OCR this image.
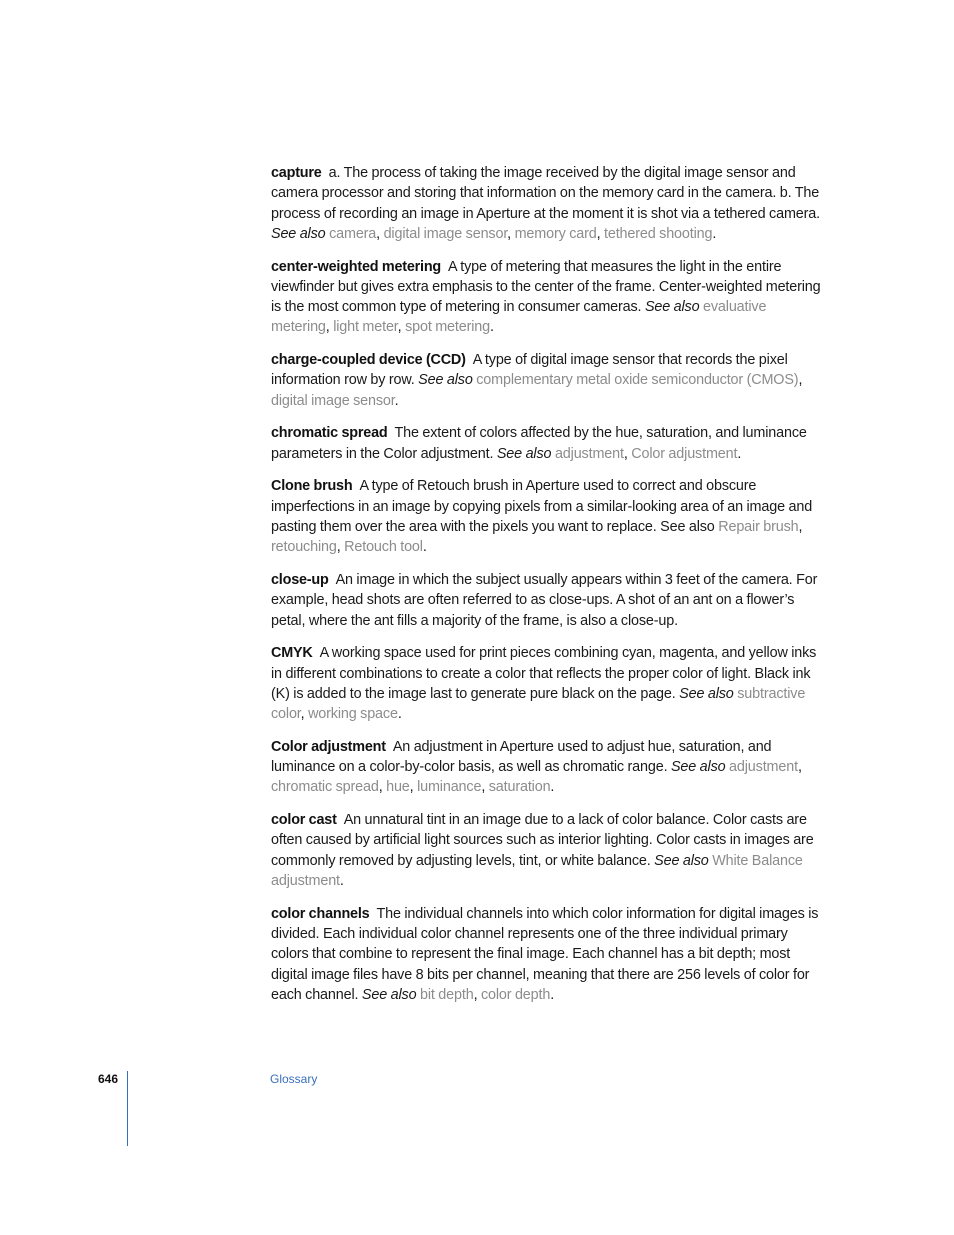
capture a. The process of taking the image received by the digital image sensor and camera processor and storing that information on the memory card in the camera. b. The process of recording an image in Aperture at the moment it is shot via a tethered camera. See also camera, digital image sensor, memory card, tethered shooting.

center-weighted metering A type of metering that measures the light in the entire viewfinder but gives extra emphasis to the center of the frame. Center-weighted metering is the most common type of metering in consumer cameras. See also evaluative metering, light meter, spot metering.

charge-coupled device (CCD) A type of digital image sensor that records the pixel information row by row. See also complementary metal oxide semiconductor (CMOS), digital image sensor.

chromatic spread The extent of colors affected by the hue, saturation, and luminance parameters in the Color adjustment. See also adjustment, Color adjustment.

Clone brush A type of Retouch brush in Aperture used to correct and obscure imperfections in an image by copying pixels from a similar-looking area of an image and pasting them over the area with the pixels you want to replace. See also Repair brush, retouching, Retouch tool.

close-up An image in which the subject usually appears within 3 feet of the camera. For example, head shots are often referred to as close-ups. A shot of an ant on a flower’s petal, where the ant fills a majority of the frame, is also a close-up.

CMYK A working space used for print pieces combining cyan, magenta, and yellow inks in different combinations to create a color that reflects the proper color of light. Black ink (K) is added to the image last to generate pure black on the page. See also subtractive color, working space.

Color adjustment An adjustment in Aperture used to adjust hue, saturation, and luminance on a color-by-color basis, as well as chromatic range. See also adjustment, chromatic spread, hue, luminance, saturation.

color cast An unnatural tint in an image due to a lack of color balance. Color casts are often caused by artificial light sources such as interior lighting. Color casts in images are commonly removed by adjusting levels, tint, or white balance. See also White Balance adjustment.

color channels The individual channels into which color information for digital images is divided. Each individual color channel represents one of the three individual primary colors that combine to represent the final image. Each channel has a bit depth; most digital image files have 8 bits per channel, meaning that there are 256 levels of color for each channel. See also bit depth, color depth.

646	Glossary
